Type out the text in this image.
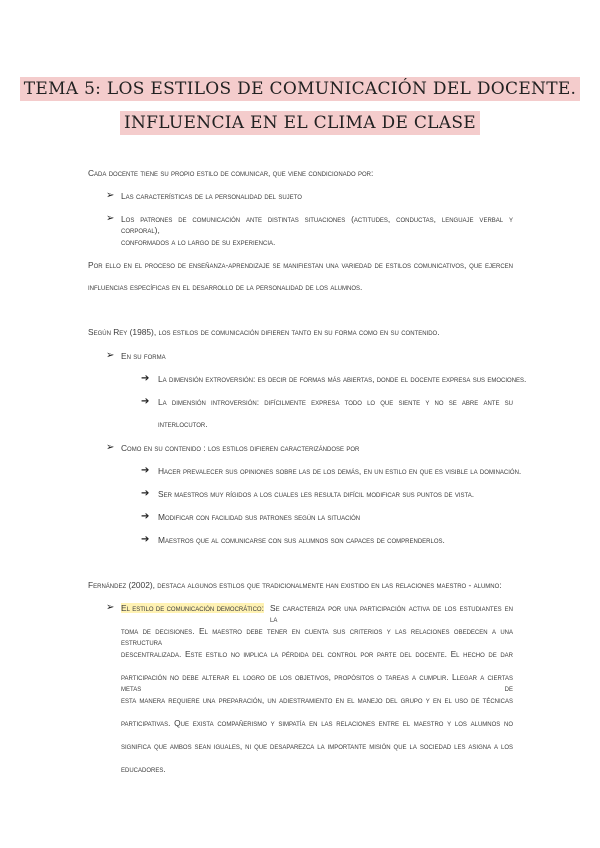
TEMA 5: LOS ESTILOS DE COMUNICACIÓN DEL DOCENTE.
INFLUENCIA EN EL CLIMA DE CLASE
Cada docente tiene su propio estilo de comunicar, que viene condicionado por:
➢ Las características de la personalidad del sujeto
➢ Los patrones de comunicación ante distintas situaciones (actitudes, conductas, lenguaje verbal y corporal),
conformados a lo largo de su experiencia.
Por ello en el proceso de enseñanza-aprendizaje se manifiestan una variedad de estilos comunicativos, que ejercen
influencias específicas en el desarrollo de la personalidad de los alumnos.
Según Rey (1985), los estilos de comunicación difieren tanto en su forma como en su contenido.
➢ En su forma
➔ La dimensión extroversión: es decir de formas más abiertas, donde el docente expresa sus emociones.
➔ La dimensión introversión: difícilmente expresa todo lo que siente y no se abre ante su
interlocutor.
➢ Como en su contenido : los estilos difieren caracterizándose por
➔ Hacer prevalecer sus opiniones sobre las de los demás, en un estilo en que es visible la dominación.
➔ Ser maestros muy rígidos a los cuales les resulta difícil modificar sus puntos de vista.
➔ Modificar con facilidad sus patrones según la situación
➔ Maestros que al comunicarse con sus alumnos son capaces de comprenderlos.
Fernández (2002), destaca algunos estilos que tradicionalmente han existido en las relaciones maestro - alumno:
➢ El estilo de comunicación democrático: Se caracteriza por una participación activa de los estudiantes en la
toma de decisiones. El maestro debe tener en cuenta sus criterios y las relaciones obedecen a una estructura
descentralizada. Este estilo no implica la pérdida del control por parte del docente. El hecho de dar
participación no debe alterar el logro de los objetivos, propósitos o tareas a cumplir. Llegar a ciertas metas de
esta manera requiere una preparación, un adiestramiento en el manejo del grupo y en el uso de técnicas
participativas. Que exista compañerismo y simpatía en las relaciones entre el maestro y los alumnos no
significa que ambos sean iguales, ni que desaparezca la importante misión que la sociedad les asigna a los
educadores.
